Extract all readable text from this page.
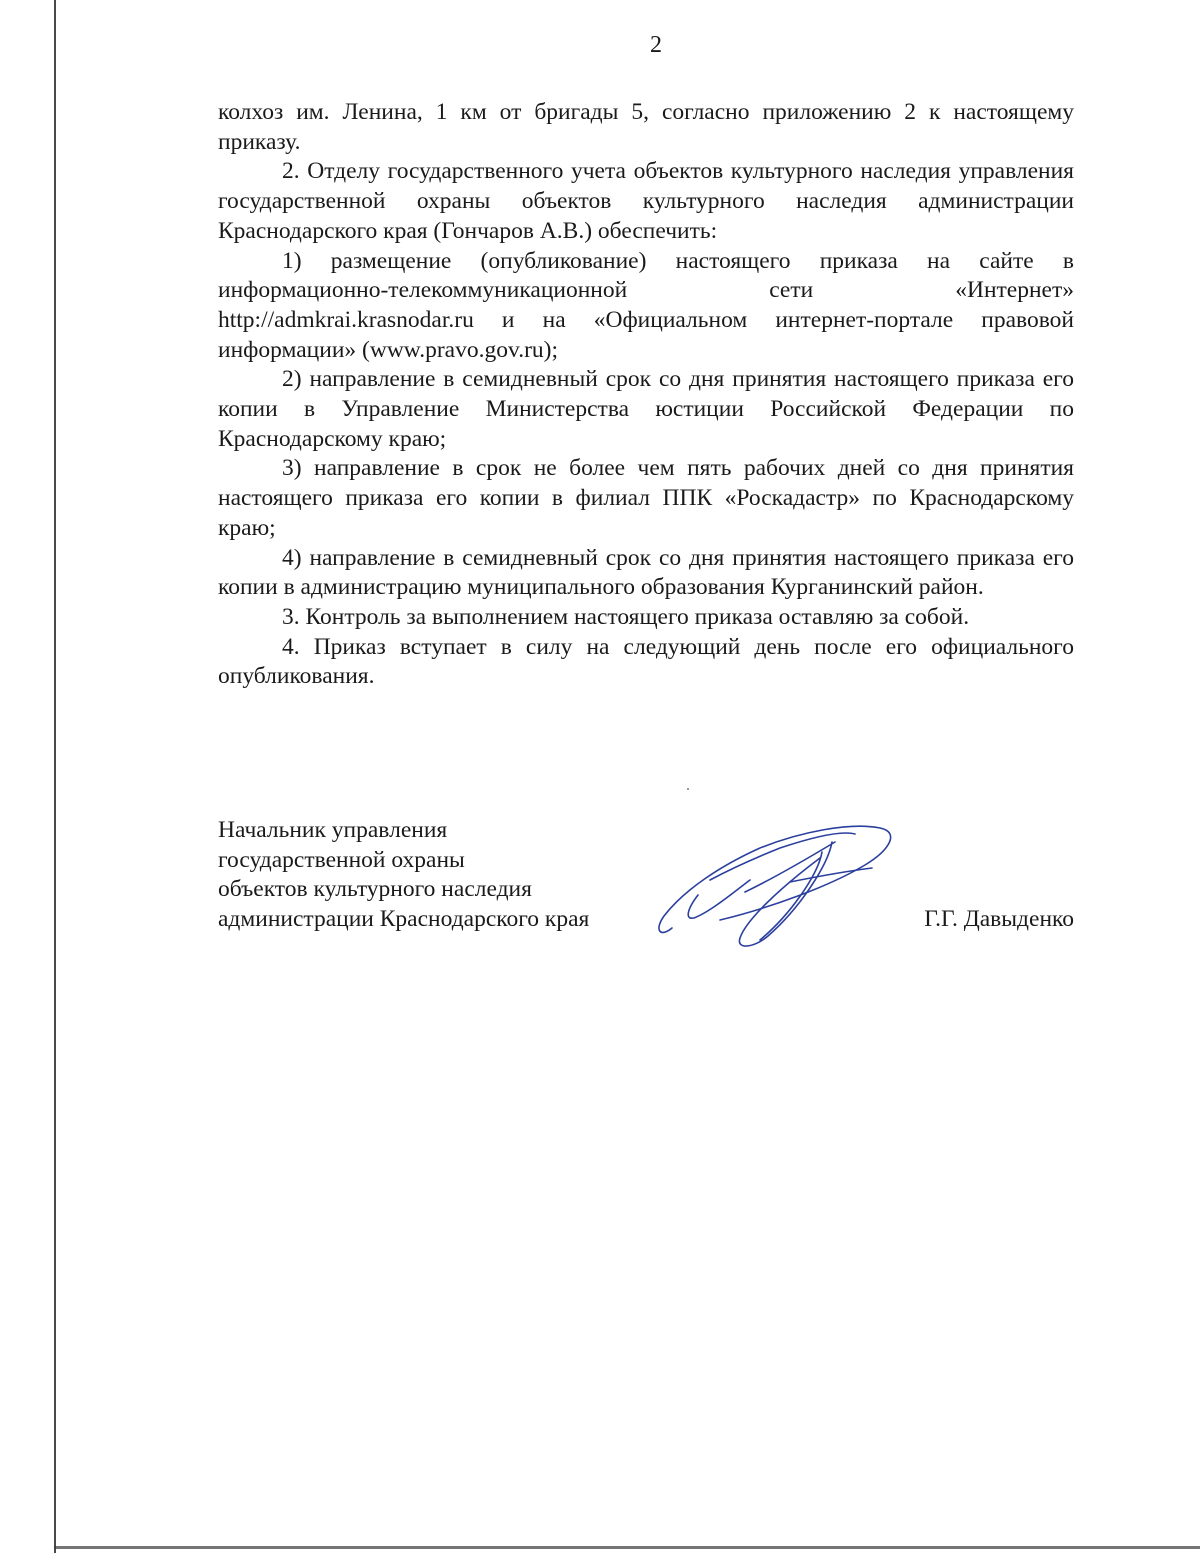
2

колхоз им. Ленина, 1 км от бригады 5, согласно приложению 2 к настоящему приказу.

2. Отделу государственного учета объектов культурного наследия управления государственной охраны объектов культурного наследия администрации Краснодарского края (Гончаров А.В.) обеспечить:

1) размещение (опубликование) настоящего приказа на сайте в

информационно-телекоммуникационной сети «Интернет»

http://admkrai.krasnodar.ru и на «Официальном интернет-портале правовой информации» (www.pravo.gov.ru);

2) направление в семидневный срок со дня принятия настоящего приказа его копии в Управление Министерства юстиции Российской Федерации по Краснодарскому краю;

3) направление в срок не более чем пять рабочих дней со дня принятия настоящего приказа его копии в филиал ППК «Роскадастр» по Краснодарскому краю;

4) направление в семидневный срок со дня принятия настоящего приказа его копии в администрацию муниципального образования Курганинский район.

3. Контроль за выполнением настоящего приказа оставляю за собой.

4. Приказ вступает в силу на следующий день после его официального опубликования.

Начальник управления
государственной охраны
объектов культурного наследия
администрации Краснодарского края	Г.Г. Давыденко
